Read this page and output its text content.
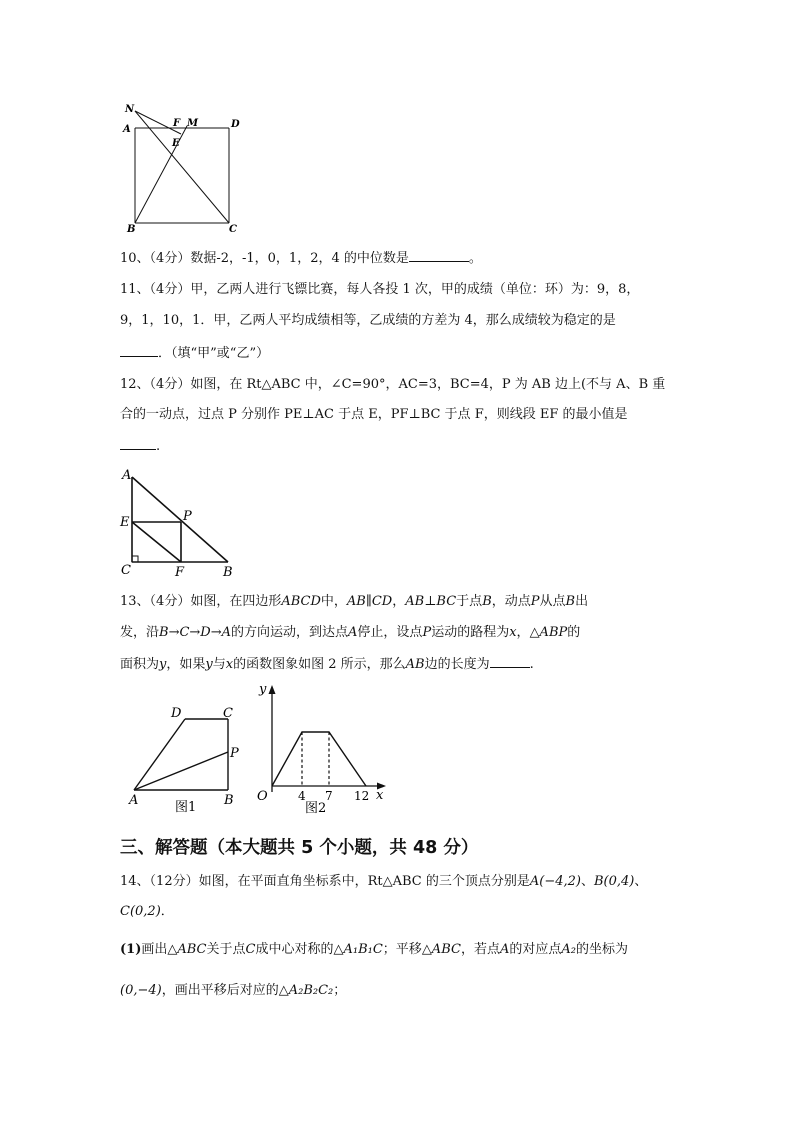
N
A
F M	D
E
B	C
10、（4分）数据-2，-1，0，1，2，4 的中位数是	。
11、（4分）甲，乙两人进行飞镖比赛，每人各投 1 次，甲的成绩（单位：环）为：9，8，
9，1，10，1．甲，乙两人平均成绩相等，乙成绩的方差为 4，那么成绩较为稳定的是
．（填“甲”或“乙”）
12、（4分）如图，在 Rt△ABC 中，∠C=90°，AC=3，BC=4，P 为 AB 边上(不与 A、B 重
合的一动点，过点 P 分别作 PE⊥AC 于点 E，PF⊥BC 于点 F，则线段 EF 的最小值是
.
A
E	P
C	F	B
13、（4分）如图，在四边形ABCD中，AB∥CD，AB⊥BC于点B，动点P从点B出
发，沿B→C→D→A的方向运动，到达点A停止，设点P运动的路程为x，△ABP的
面积为y，如果y与x的函数图象如图 2 所示，那么AB边的长度为	.
D	C
P
A	B
图1
y
O	4 7 12 x
图2
三、解答题（本大题共 5 个小题，共 48 分）
14、（12分）如图，在平面直角坐标系中，Rt△ABC 的三个顶点分别是A(−4,2)、B(0,4)、
C(0,2)．
(1)画出△ABC关于点C成中心对称的△A₁B₁C；平移△ABC，若点A的对应点A₂的坐标为
(0,−4)，画出平移后对应的△A₂B₂C₂；
